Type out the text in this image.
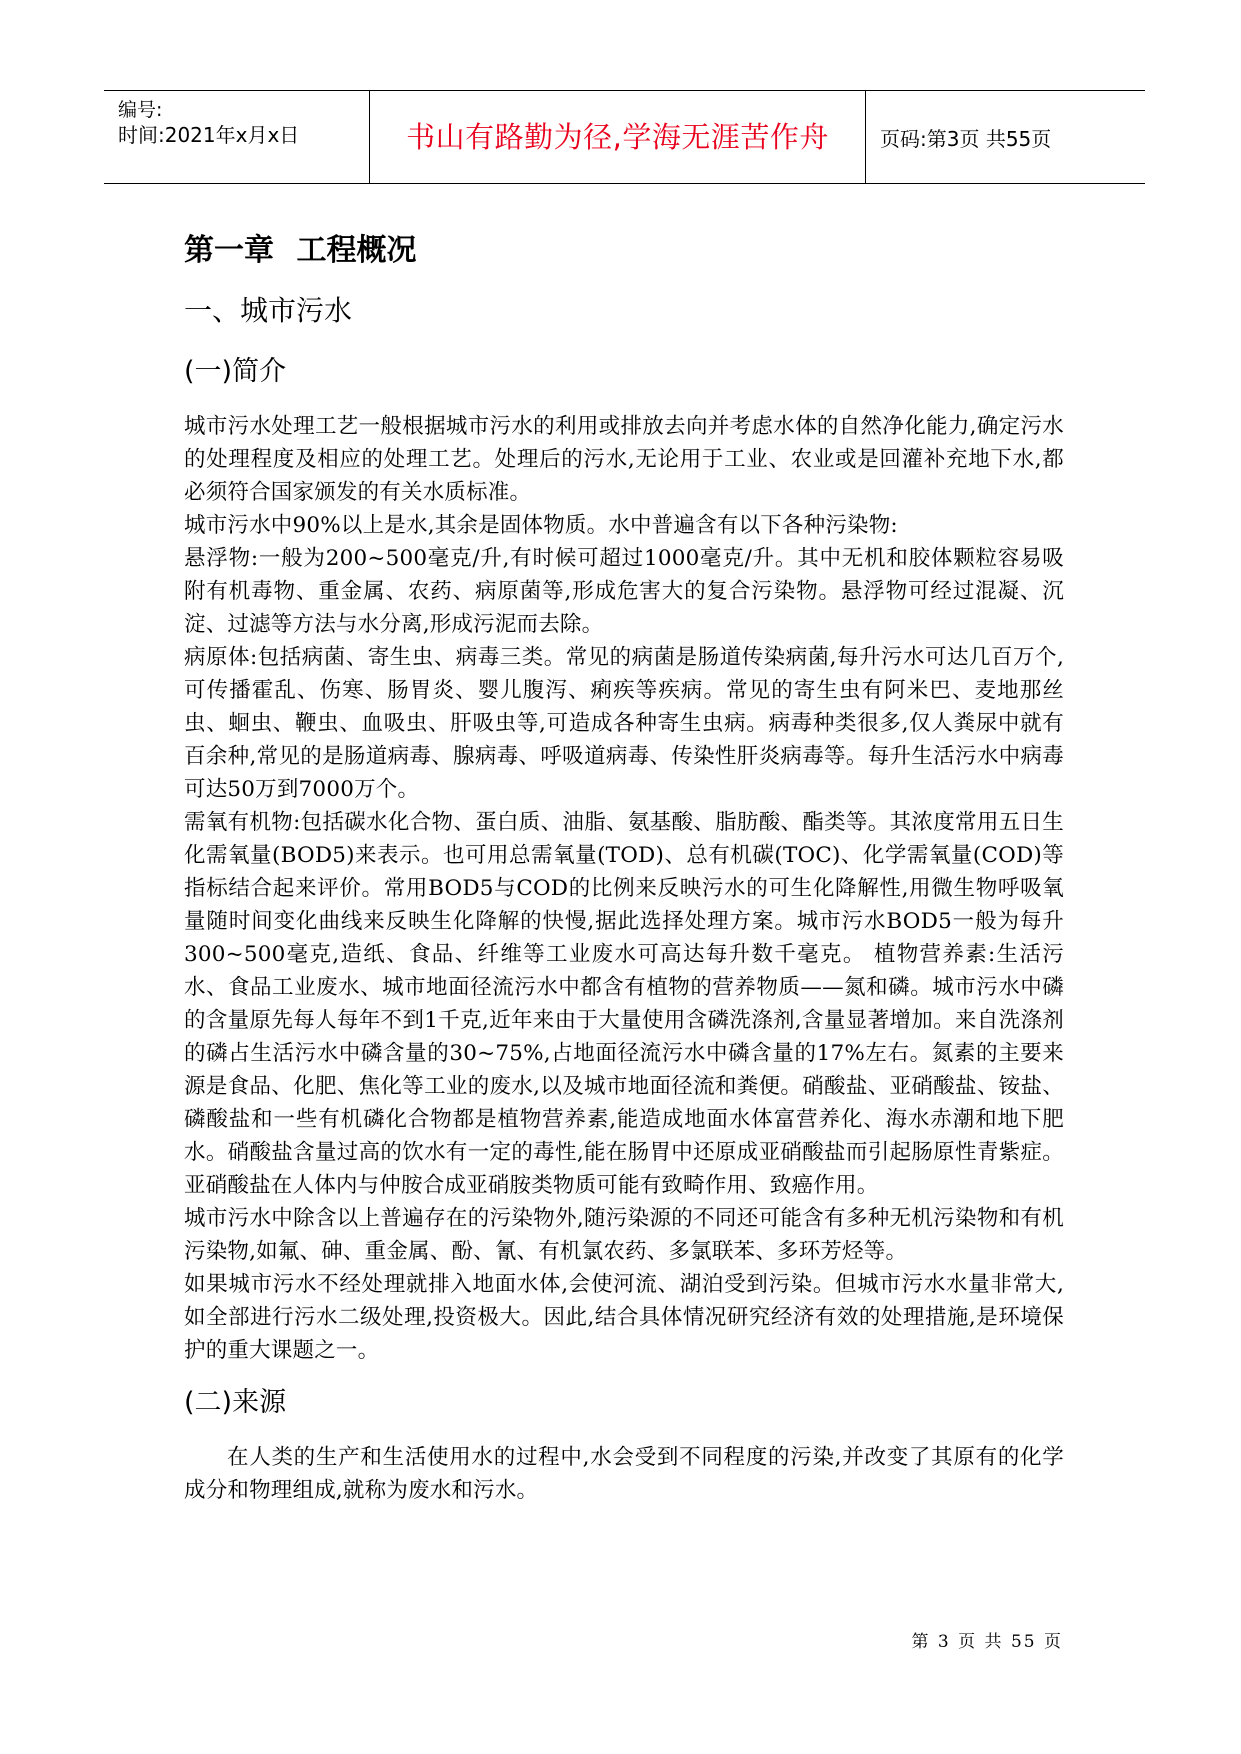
编号:
时间:2021年x月x日	书山有路勤为径,学海无涯苦作舟	页码:第3页 共55页
第一章 工程概况
一、城市污水
(一)简介

城市污水处理工艺一般根据城市污水的利用或排放去向并考虑水体的自然净化能力,确定污水的处理程度及相应的处理工艺。处理后的污水,无论用于工业、农业或是回灌补充地下水,都必须符合国家颁发的有关水质标准。

城市污水中90%以上是水,其余是固体物质。水中普遍含有以下各种污染物:

悬浮物:一般为200~500毫克/升,有时候可超过1000毫克/升。其中无机和胶体颗粒容易吸附有机毒物、重金属、农药、病原菌等,形成危害大的复合污染物。悬浮物可经过混凝、沉淀、过滤等方法与水分离,形成污泥而去除。

病原体:包括病菌、寄生虫、病毒三类。常见的病菌是肠道传染病菌,每升污水可达几百万个,可传播霍乱、伤寒、肠胃炎、婴儿腹泻、痢疾等疾病。常见的寄生虫有阿米巴、麦地那丝虫、蛔虫、鞭虫、血吸虫、肝吸虫等,可造成各种寄生虫病。病毒种类很多,仅人粪尿中就有百余种,常见的是肠道病毒、腺病毒、呼吸道病毒、传染性肝炎病毒等。每升生活污水中病毒可达50万到7000万个。

需氧有机物:包括碳水化合物、蛋白质、油脂、氨基酸、脂肪酸、酯类等。其浓度常用五日生化需氧量(BOD5)来表示。也可用总需氧量(TOD)、总有机碳(TOC)、化学需氧量(COD)等指标结合起来评价。常用BOD5与COD的比例来反映污水的可生化降解性,用微生物呼吸氧量随时间变化曲线来反映生化降解的快慢,据此选择处理方案。城市污水BOD5一般为每升300~500毫克,造纸、食品、纤维等工业废水可高达每升数千毫克。 植物营养素:生活污水、食品工业废水、城市地面径流污水中都含有植物的营养物质——氮和磷。城市污水中磷的含量原先每人每年不到1千克,近年来由于大量使用含磷洗涤剂,含量显著增加。来自洗涤剂的磷占生活污水中磷含量的30~75%,占地面径流污水中磷含量的17%左右。氮素的主要来源是食品、化肥、焦化等工业的废水,以及城市地面径流和粪便。硝酸盐、亚硝酸盐、铵盐、磷酸盐和一些有机磷化合物都是植物营养素,能造成地面水体富营养化、海水赤潮和地下肥水。硝酸盐含量过高的饮水有一定的毒性,能在肠胃中还原成亚硝酸盐而引起肠原性青紫症。亚硝酸盐在人体内与仲胺合成亚硝胺类物质可能有致畸作用、致癌作用。

城市污水中除含以上普遍存在的污染物外,随污染源的不同还可能含有多种无机污染物和有机污染物,如氟、砷、重金属、酚、氰、有机氯农药、多氯联苯、多环芳烃等。

如果城市污水不经处理就排入地面水体,会使河流、湖泊受到污染。但城市污水水量非常大,如全部进行污水二级处理,投资极大。因此,结合具体情况研究经济有效的处理措施,是环境保护的重大课题之一。

(二)来源

在人类的生产和生活使用水的过程中,水会受到不同程度的污染,并改变了其原有的化学成分和物理组成,就称为废水和污水。

第 3 页 共 55 页
